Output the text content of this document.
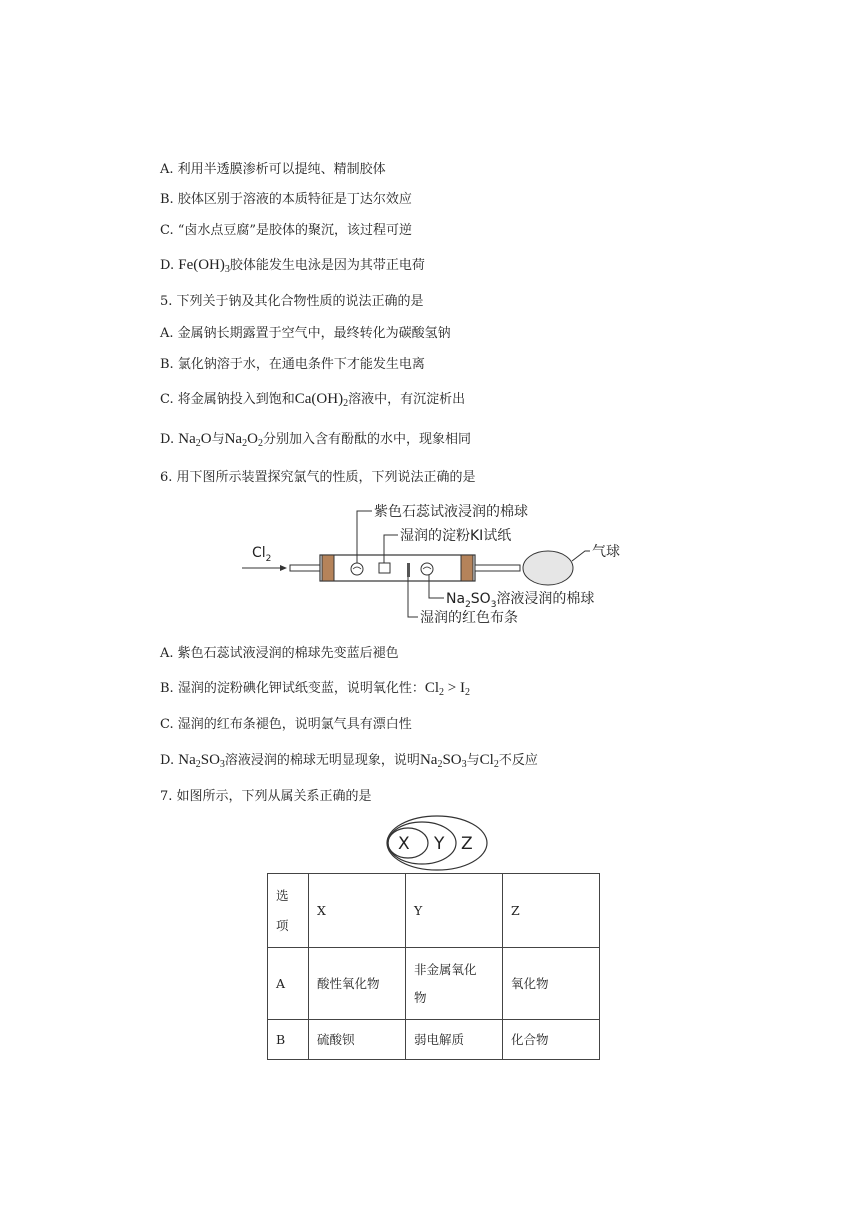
A. 利用半透膜渗析可以提纯、精制胶体
B. 胶体区别于溶液的本质特征是丁达尔效应
C. “卤水点豆腐”是胶体的聚沉，该过程可逆
D. $Fe(OH)_3$胶体能发生电泳是因为其带正电荷
5. 下列关于钠及其化合物性质的说法正确的是
A. 金属钠长期露置于空气中，最终转化为碳酸氢钠
B. 氯化钠溶于水，在通电条件下才能发生电离
C. 将金属钠投入到饱和$Ca(OH)_2$溶液中，有沉淀析出
D. $Na_2O$与$Na_2O_2$分别加入含有酚酞的水中，现象相同
6. 用下图所示装置探究氯气的性质，下列说法正确的是
$Cl_2$
紫色石蕊试液浸润的棉球
湿润的淀粉KI试纸
气球
$Na_2SO_3$溶液浸润的棉球
湿润的红色布条
A. 紫色石蕊试液浸润的棉球先变蓝后褪色
B. 湿润的淀粉碘化钾试纸变蓝，说明氧化性：$Cl_2 > I_2$
C. 湿润的红布条褪色，说明氯气具有漂白性
D. $Na_2SO_3$溶液浸润的棉球无明显现象，说明$Na_2SO_3$与$Cl_2$不反应
7. 如图所示，下列从属关系正确的是
X Y Z
选项	X	Y	Z
A	酸性氧化物	非金属氧化物	氧化物
B	硫酸钡	弱电解质	化合物
